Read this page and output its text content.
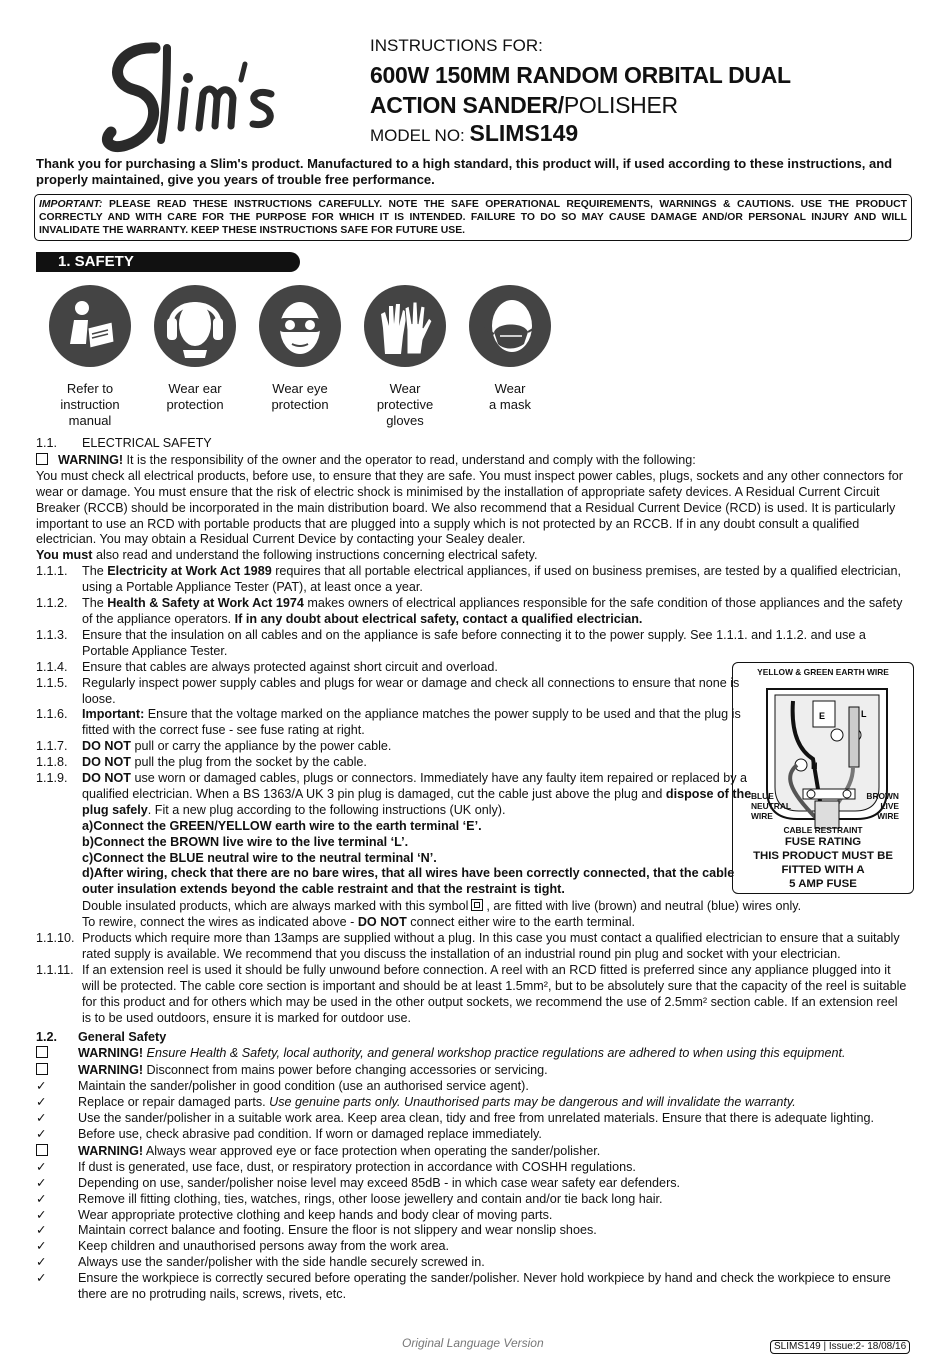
Slim's
INSTRUCTIONS FOR:
600W 150MM RANDOM ORBITAL DUAL
ACTION SANDER/POLISHER
MODEL NO: SLIMS149
Thank you for purchasing a Slim's product. Manufactured to a high standard, this product will, if used according to these instructions, and properly maintained, give you years of trouble free performance.
IMPORTANT: PLEASE READ THESE INSTRUCTIONS CAREFULLY. NOTE THE SAFE OPERATIONAL REQUIREMENTS, WARNINGS & CAUTIONS. USE THE PRODUCT CORRECTLY AND WITH CARE FOR THE PURPOSE FOR WHICH IT IS INTENDED. FAILURE TO DO SO MAY CAUSE DAMAGE AND/OR PERSONAL INJURY AND WILL INVALIDATE THE WARRANTY. KEEP THESE INSTRUCTIONS SAFE FOR FUTURE USE.
1. SAFETY
Refer to
instruction
manual
Wear ear
protection
Wear eye
protection
Wear
protective
gloves
Wear
a mask

1.1. ELECTRICAL SAFETY

WARNING! It is the responsibility of the owner and the operator to read, understand and comply with the following:

You must check all electrical products, before use, to ensure that they are safe. You must inspect power cables, plugs, sockets and any other connectors for wear or damage. You must ensure that the risk of electric shock is minimised by the installation of appropriate safety devices. A Residual Current Circuit Breaker (RCCB) should be incorporated in the main distribution board. We also recommend that a Residual Current Device (RCD) is used. It is particularly important to use an RCD with portable products that are plugged into a supply which is not protected by an RCCB. If in any doubt consult a qualified electrician. You may obtain a Residual Current Device by contacting your Sealey dealer.

You must also read and understand the following instructions concerning electrical safety.

1.1.1. The Electricity at Work Act 1989 requires that all portable electrical appliances, if used on business premises, are tested by a qualified electrician, using a Portable Appliance Tester (PAT), at least once a year.

1.1.2. The Health & Safety at Work Act 1974 makes owners of electrical appliances responsible for the safe condition of those appliances and the safety of the appliance operators. If in any doubt about electrical safety, contact a qualified electrician.

1.1.3. Ensure that the insulation on all cables and on the appliance is safe before connecting it to the power supply. See 1.1.1. and 1.1.2. and use a Portable Appliance Tester.

1.1.4. Ensure that cables are always protected against short circuit and overload.

1.1.5. Regularly inspect power supply cables and plugs for wear or damage and check all connections to ensure that none is loose.

1.1.6. Important: Ensure that the voltage marked on the appliance matches the power supply to be used and that the plug is fitted with the correct fuse - see fuse rating at right.

1.1.7. DO NOT pull or carry the appliance by the power cable.

1.1.8. DO NOT pull the plug from the socket by the cable.

1.1.9. DO NOT use worn or damaged cables, plugs or connectors. Immediately have any faulty item repaired or replaced by a qualified electrician. When a BS 1363/A UK 3 pin plug is damaged, cut the cable just above the plug and dispose of the plug safely. Fit a new plug according to the following instructions (UK only).

a)Connect the GREEN/YELLOW earth wire to the earth terminal ‘E’.

b)Connect the BROWN live wire to the live terminal ‘L’.

c)Connect the BLUE neutral wire to the neutral terminal ‘N’.

d)After wiring, check that there are no bare wires, that all wires have been correctly connected, that the cable outer insulation extends beyond the cable restraint and that the restraint is tight.

Double insulated products, which are always marked with this symbol , are fitted with live (brown) and neutral (blue) wires only.

To rewire, connect the wires as indicated above - DO NOT connect either wire to the earth terminal.

1.1.10. Products which require more than 13amps are supplied without a plug. In this case you must contact a qualified electrician to ensure that a suitably rated supply is available. We recommend that you discuss the installation of an industrial round pin plug and socket with your electrician.

1.1.11. If an extension reel is used it should be fully unwound before connection. A reel with an RCD fitted is preferred since any appliance plugged into it will be protected. The cable core section is important and should be at least 1.5mm², but to be absolutely sure that the capacity of the reel is suitable for this product and for others which may be used in the other output sockets, we recommend the use of 2.5mm² section cable. If an extension reel is to be used outdoors, ensure it is marked for outdoor use.

1.2. General Safety

WARNING! Ensure Health & Safety, local authority, and general workshop practice regulations are adhered to when using this equipment.

WARNING! Disconnect from mains power before changing accessories or servicing.

✓ Maintain the sander/polisher in good condition (use an authorised service agent).

✓ Replace or repair damaged parts. Use genuine parts only. Unauthorised parts may be dangerous and will invalidate the warranty.

✓ Use the sander/polisher in a suitable work area. Keep area clean, tidy and free from unrelated materials. Ensure that there is adequate lighting.

✓ Before use, check abrasive pad condition. If worn or damaged replace immediately.

WARNING! Always wear approved eye or face protection when operating the sander/polisher.

✓ If dust is generated, use face, dust, or respiratory protection in accordance with COSHH regulations.

✓ Depending on use, sander/polisher noise level may exceed 85dB - in which case wear safety ear defenders.

✓ Remove ill fitting clothing, ties, watches, rings, other loose jewellery and contain and/or tie back long hair.

✓ Wear appropriate protective clothing and keep hands and body clear of moving parts.

✓ Maintain correct balance and footing. Ensure the floor is not slippery and wear nonslip shoes.

✓ Keep children and unauthorised persons away from the work area.

✓ Always use the sander/polisher with the side handle securely screwed in.

✓ Ensure the workpiece is correctly secured before operating the sander/polisher. Never hold workpiece by hand and check the workpiece to ensure there are no protruding nails, screws, rivets, etc.

YELLOW & GREEN EARTH WIRE
E	L
N
BLUE
NEUTRAL
WIRE
BROWN
LIVE
WIRE
CABLE RESTRAINT
FUSE RATING
THIS PRODUCT MUST BE
FITTED WITH A
5 AMP FUSE
Original Language Version	SLIMS149 | Issue:2- 18/08/16
